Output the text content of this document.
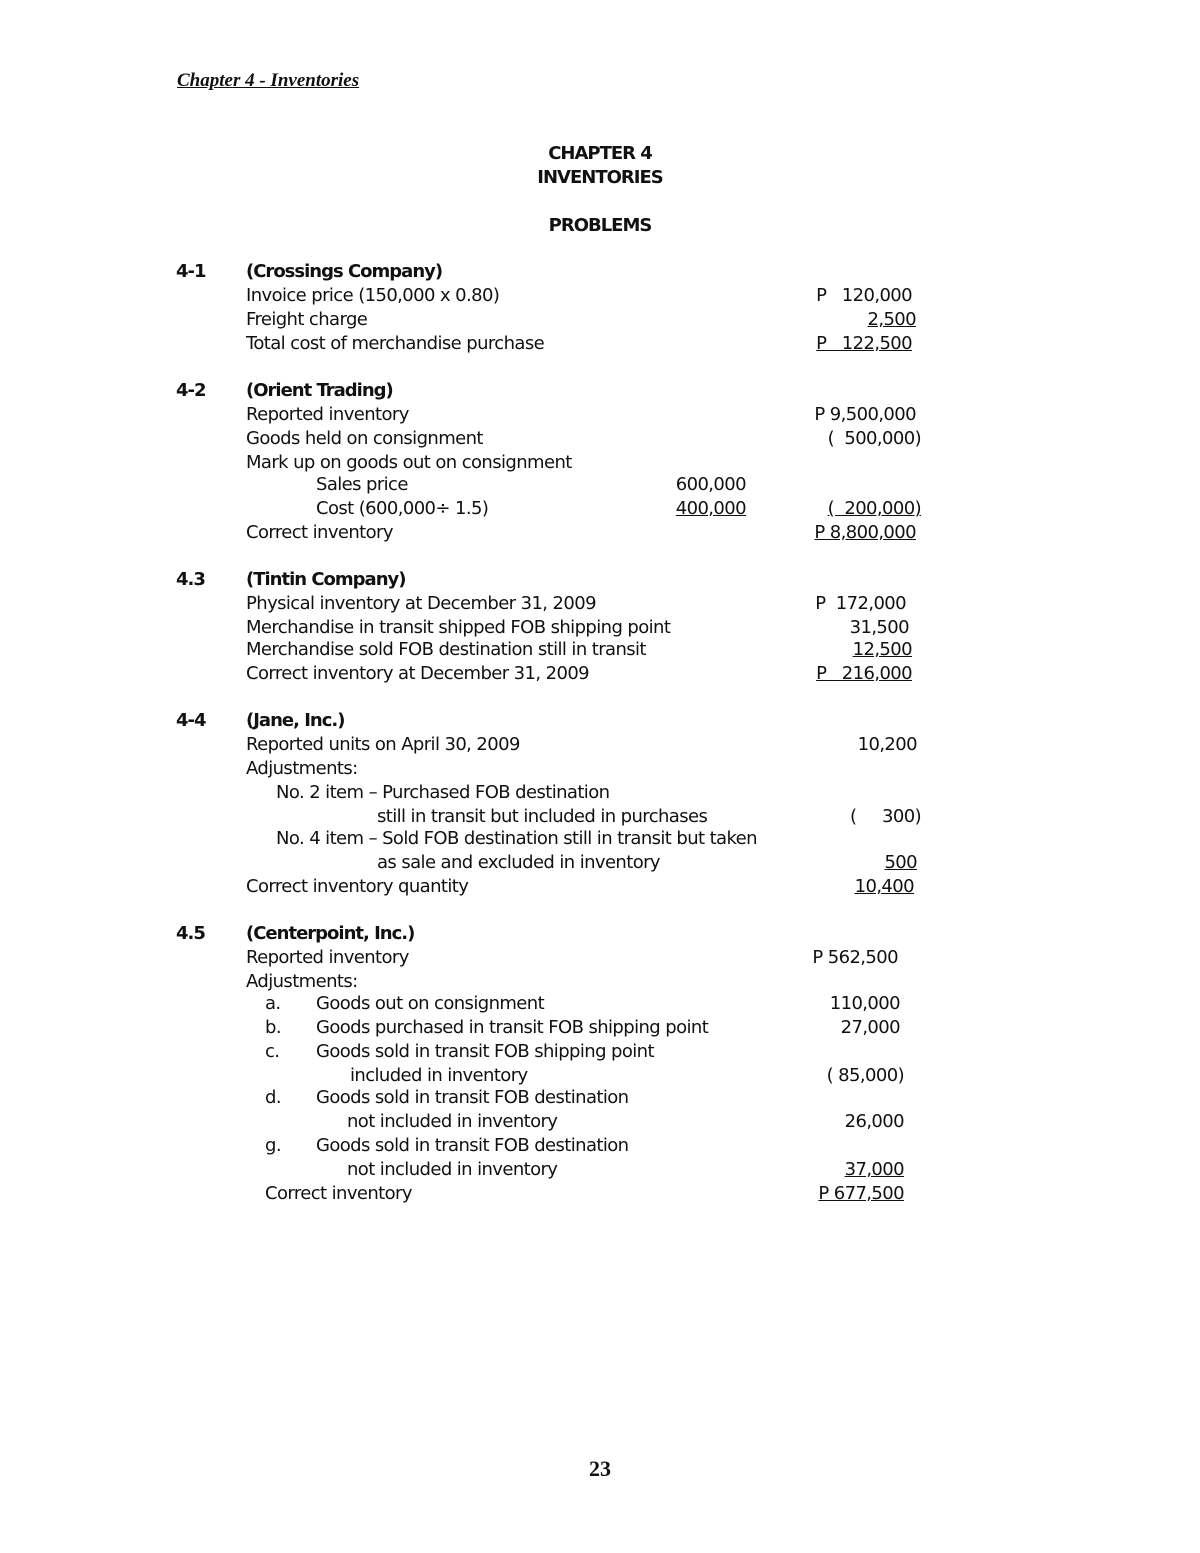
Chapter 4 - Inventories
CHAPTER 4
INVENTORIES
PROBLEMS
4-1 (Crossings Company)
Invoice price (150,000 x 0.80)	P   120,000
Freight charge	2,500
Total cost of merchandise purchase	P   122,500
4-2 (Orient Trading)
Reported inventory	P 9,500,000
Goods held on consignment	(  500,000)
Mark up on goods out on consignment
Sales price	600,000
Cost (600,000÷ 1.5)	400,000	(  200,000)
Correct inventory	P 8,800,000
4.3 (Tintin Company)
Physical inventory at December 31, 2009	P  172,000
Merchandise in transit shipped FOB shipping point	31,500
Merchandise sold FOB destination still in transit	12,500
Correct inventory at December 31, 2009	P   216,000
4-4 (Jane, Inc.)
Reported units on April 30, 2009	10,200
Adjustments:
No. 2 item – Purchased FOB destination
still in transit but included in purchases	(     300)
No. 4 item – Sold FOB destination still in transit but taken
as sale and excluded in inventory	500
Correct inventory quantity	10,400
4.5 (Centerpoint, Inc.)
Reported inventory	P 562,500
Adjustments:
a. Goods out on consignment	110,000
b. Goods purchased in transit FOB shipping point	27,000
c. Goods sold in transit FOB shipping point
included in inventory	( 85,000)
d. Goods sold in transit FOB destination
not included in inventory	26,000
g. Goods sold in transit FOB destination
not included in inventory	37,000
Correct inventory	P 677,500
23
